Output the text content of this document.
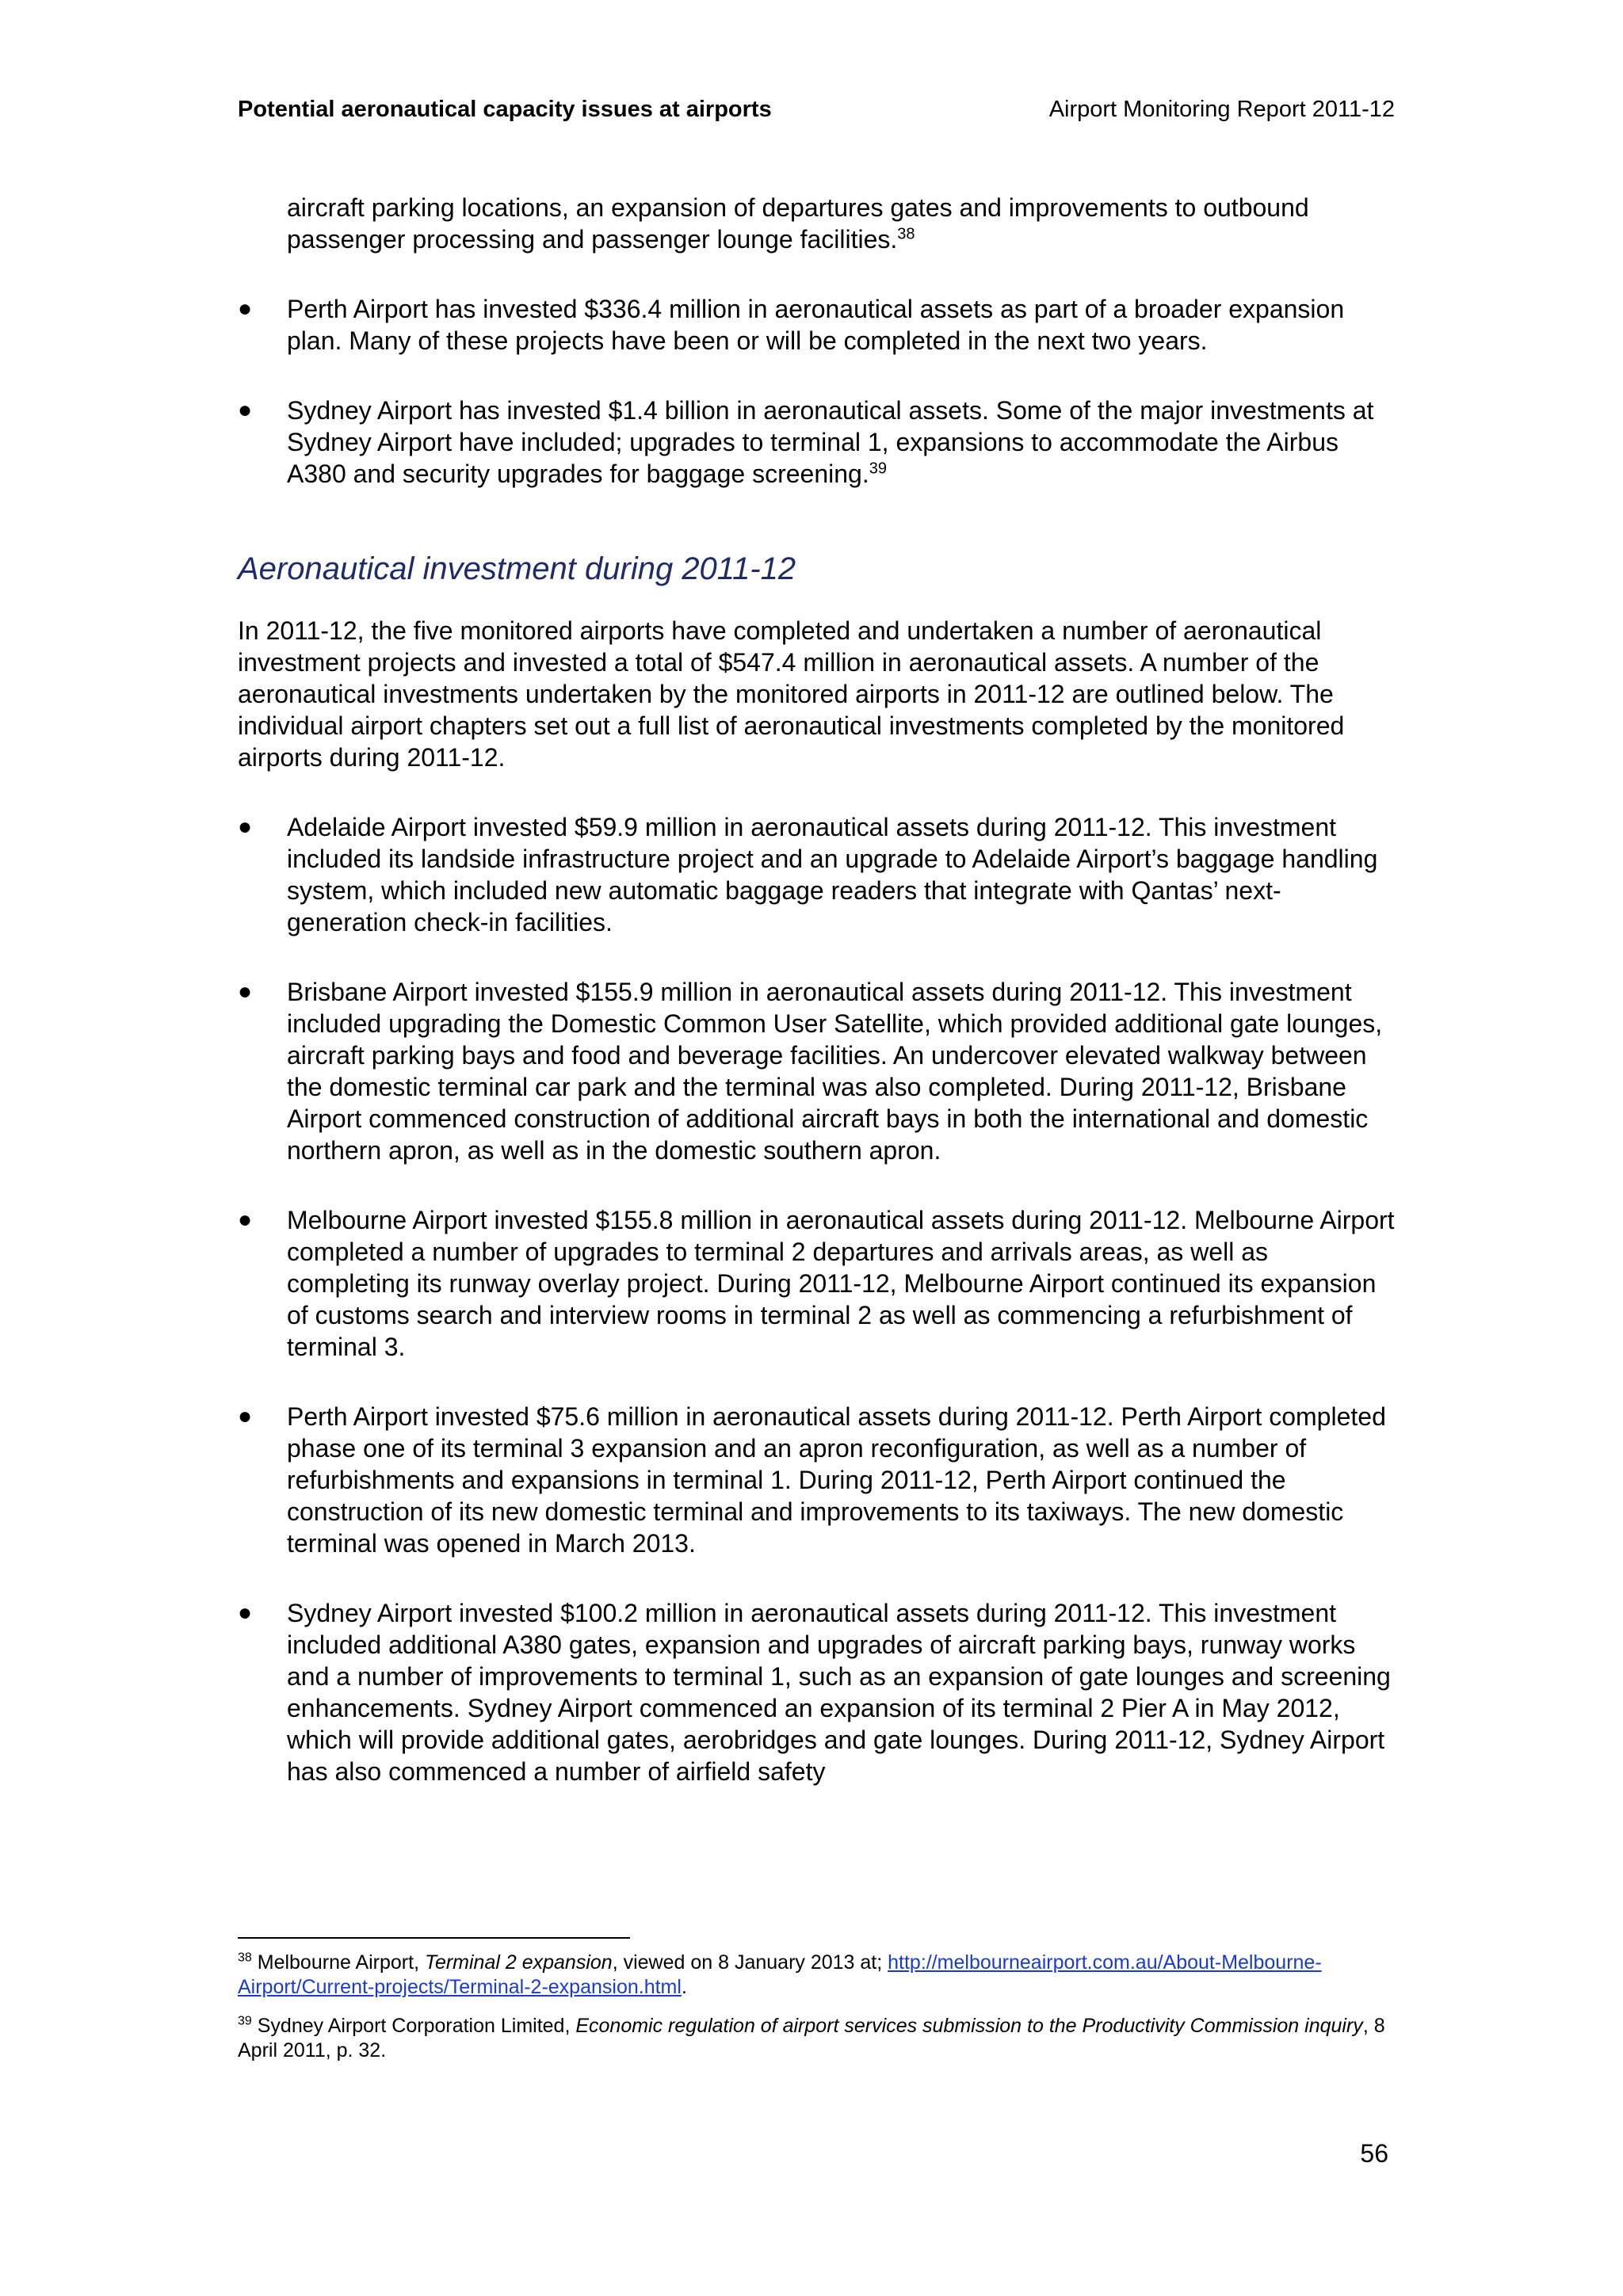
Potential aeronautical capacity issues at airports	Airport Monitoring Report 2011-12
aircraft parking locations, an expansion of departures gates and improvements to outbound passenger processing and passenger lounge facilities.$^{38}$
●	Perth Airport has invested $336.4 million in aeronautical assets as part of a broader expansion plan. Many of these projects have been or will be completed in the next two years.
●	Sydney Airport has invested $1.4 billion in aeronautical assets. Some of the major investments at Sydney Airport have included; upgrades to terminal 1, expansions to accommodate the Airbus A380 and security upgrades for baggage screening.$^{39}$
Aeronautical investment during 2011-12

In 2011-12, the five monitored airports have completed and undertaken a number of aeronautical investment projects and invested a total of $547.4 million in aeronautical assets. A number of the aeronautical investments undertaken by the monitored airports in 2011-12 are outlined below. The individual airport chapters set out a full list of aeronautical investments completed by the monitored airports during 2011-12.

●	Adelaide Airport invested $59.9 million in aeronautical assets during 2011-12. This investment included its landside infrastructure project and an upgrade to Adelaide Airport’s baggage handling system, which included new automatic baggage readers that integrate with Qantas’ next-generation check-in facilities.
●	Brisbane Airport invested $155.9 million in aeronautical assets during 2011-12. This investment included upgrading the Domestic Common User Satellite, which provided additional gate lounges, aircraft parking bays and food and beverage facilities. An undercover elevated walkway between the domestic terminal car park and the terminal was also completed. During 2011-12, Brisbane Airport commenced construction of additional aircraft bays in both the international and domestic northern apron, as well as in the domestic southern apron.
●	Melbourne Airport invested $155.8 million in aeronautical assets during 2011-12. Melbourne Airport completed a number of upgrades to terminal 2 departures and arrivals areas, as well as completing its runway overlay project. During 2011-12, Melbourne Airport continued its expansion of customs search and interview rooms in terminal 2 as well as commencing a refurbishment of terminal 3.
●	Perth Airport invested $75.6 million in aeronautical assets during 2011-12. Perth Airport completed phase one of its terminal 3 expansion and an apron reconfiguration, as well as a number of refurbishments and expansions in terminal 1. During 2011-12, Perth Airport continued the construction of its new domestic terminal and improvements to its taxiways. The new domestic terminal was opened in March 2013.
●	Sydney Airport invested $100.2 million in aeronautical assets during 2011-12. This investment included additional A380 gates, expansion and upgrades of aircraft parking bays, runway works and a number of improvements to terminal 1, such as an expansion of gate lounges and screening enhancements. Sydney Airport commenced an expansion of its terminal 2 Pier A in May 2012, which will provide additional gates, aerobridges and gate lounges. During 2011-12, Sydney Airport has also commenced a number of airfield safety

$^{38}$ Melbourne Airport, Terminal 2 expansion, viewed on 8 January 2013 at; http://melbourneairport.com.au/About-Melbourne-Airport/Current-projects/Terminal-2-expansion.html.

$^{39}$ Sydney Airport Corporation Limited, Economic regulation of airport services submission to the Productivity Commission inquiry, 8 April 2011, p. 32.

56
